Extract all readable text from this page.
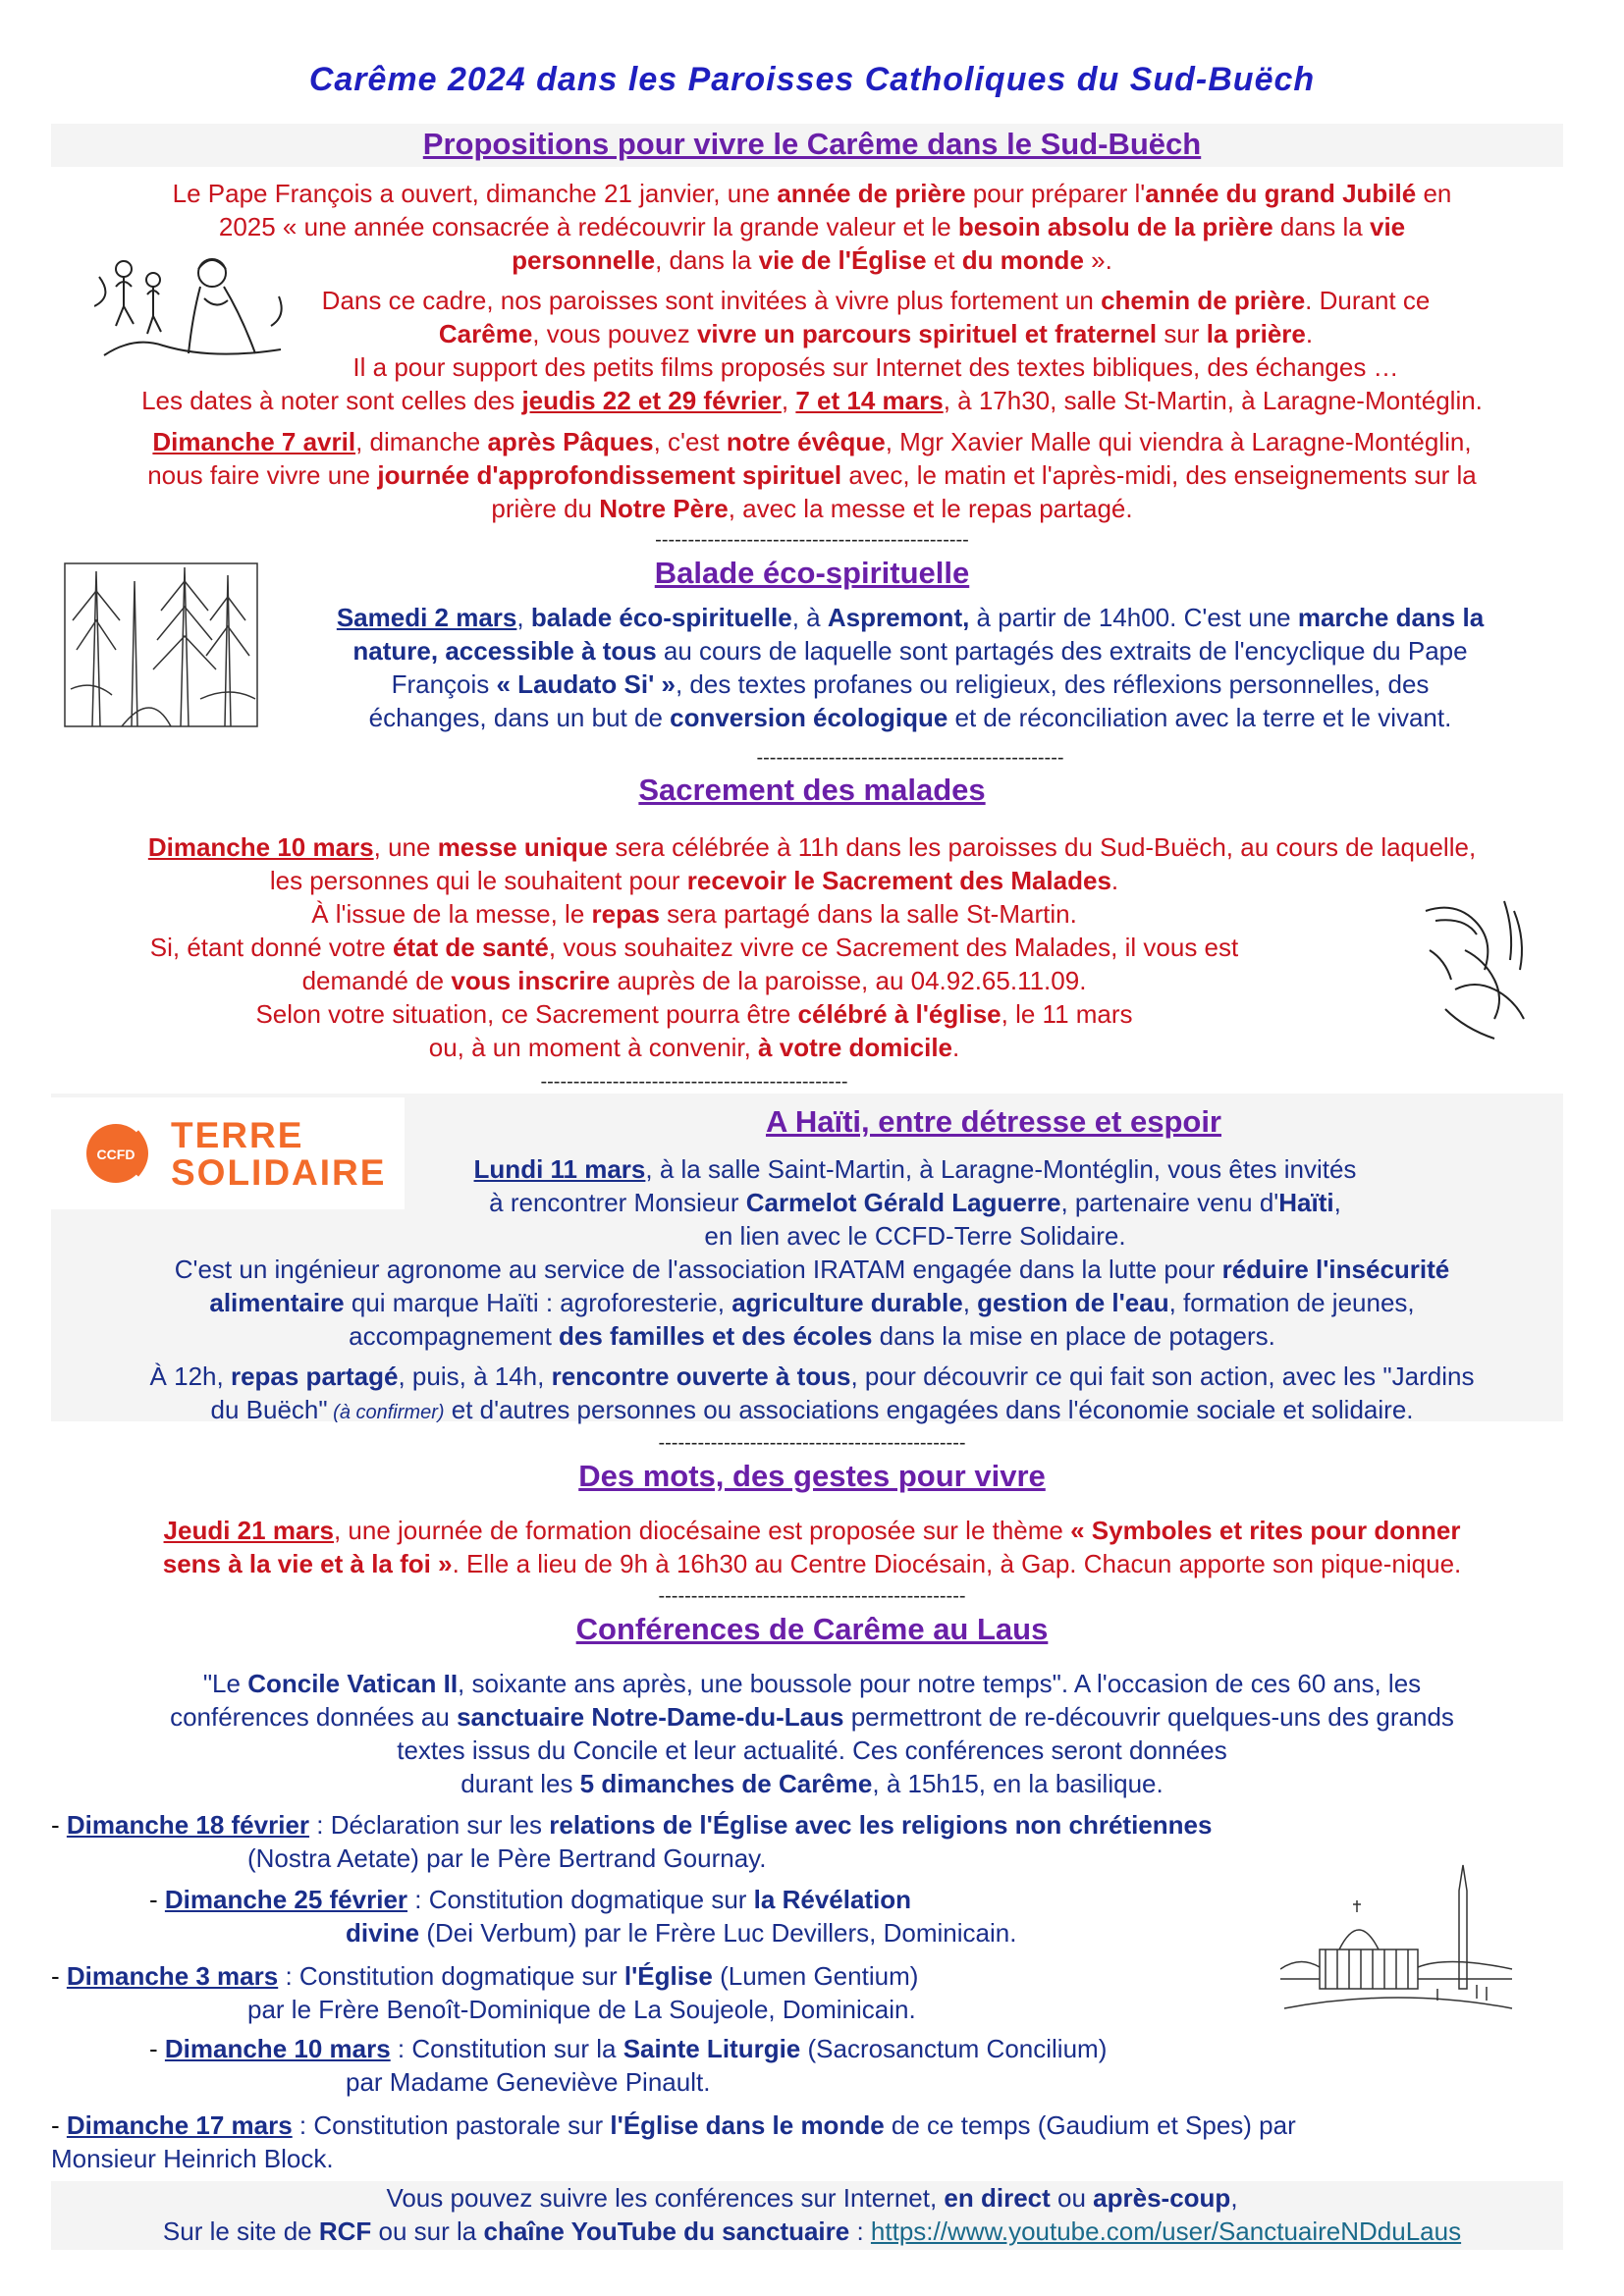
Carême 2024 dans les Paroisses Catholiques du Sud-Buëch
Propositions pour vivre le Carême dans le Sud-Buëch
Le Pape François a ouvert, dimanche 21 janvier, une année de prière pour préparer l'année du grand Jubilé en
2025 « une année consacrée à redécouvrir la grande valeur et le besoin absolu de la prière dans la vie
personnelle, dans la vie de l'Église et du monde ».
Dans ce cadre, nos paroisses sont invitées à vivre plus fortement un chemin de prière. Durant ce
Carême, vous pouvez vivre un parcours spirituel et fraternel sur la prière.
Il a pour support des petits films proposés sur Internet des textes bibliques, des échanges …
Les dates à noter sont celles des jeudis 22 et 29 février, 7 et 14 mars, à 17h30, salle St-Martin, à Laragne-Montéglin.
Dimanche 7 avril, dimanche après Pâques, c'est notre évêque, Mgr Xavier Malle qui viendra à Laragne-Montéglin,
nous faire vivre une journée d'approfondissement spirituel avec, le matin et l'après-midi, des enseignements sur la
prière du Notre Père, avec la messe et le repas partagé.
------------------------------------------------
Balade éco-spirituelle
Samedi 2 mars, balade éco-spirituelle, à Aspremont, à partir de 14h00. C'est une marche dans la
nature, accessible à tous au cours de laquelle sont partagés des extraits de l'encyclique du Pape
François « Laudato Si' », des textes profanes ou religieux, des réflexions personnelles, des
échanges, dans un but de conversion écologique et de réconciliation avec la terre et le vivant.
-----------------------------------------------
Sacrement des malades
Dimanche 10 mars, une messe unique sera célébrée à 11h dans les paroisses du Sud-Buëch, au cours de laquelle,
les personnes qui le souhaitent pour recevoir le Sacrement des Malades.
À l'issue de la messe, le repas sera partagé dans la salle St-Martin.
Si, étant donné votre état de santé, vous souhaitez vivre ce Sacrement des Malades, il vous est
demandé de vous inscrire auprès de la paroisse, au 04.92.65.11.09.
Selon votre situation, ce Sacrement pourra être célébré à l'église, le 11 mars
ou, à un moment à convenir, à votre domicile.
-----------------------------------------------
CCFD TERRE
SOLIDAIRE
A Haïti, entre détresse et espoir
Lundi 11 mars, à la salle Saint-Martin, à Laragne-Montéglin, vous êtes invités
à rencontrer Monsieur Carmelot Gérald Laguerre, partenaire venu d'Haïti,
en lien avec le CCFD-Terre Solidaire.
C'est un ingénieur agronome au service de l'association IRATAM engagée dans la lutte pour réduire l'insécurité
alimentaire qui marque Haïti : agroforesterie, agriculture durable, gestion de l'eau, formation de jeunes,
accompagnement des familles et des écoles dans la mise en place de potagers.
À 12h, repas partagé, puis, à 14h, rencontre ouverte à tous, pour découvrir ce qui fait son action, avec les "Jardins
du Buëch" (à confirmer) et d'autres personnes ou associations engagées dans l'économie sociale et solidaire.
-----------------------------------------------
Des mots, des gestes pour vivre
Jeudi 21 mars, une journée de formation diocésaine est proposée sur le thème « Symboles et rites pour donner
sens à la vie et à la foi ». Elle a lieu de 9h à 16h30 au Centre Diocésain, à Gap. Chacun apporte son pique-nique.
-----------------------------------------------
Conférences de Carême au Laus
"Le Concile Vatican II, soixante ans après, une boussole pour notre temps". A l'occasion de ces 60 ans, les
conférences données au sanctuaire Notre-Dame-du-Laus permettront de re-découvrir quelques-uns des grands
textes issus du Concile et leur actualité. Ces conférences seront données
durant les 5 dimanches de Carême, à 15h15, en la basilique.
- Dimanche 18 février : Déclaration sur les relations de l'Église avec les religions non chrétiennes
(Nostra Aetate) par le Père Bertrand Gournay.
- Dimanche 25 février : Constitution dogmatique sur la Révélation
divine (Dei Verbum) par le Frère Luc Devillers, Dominicain.
- Dimanche 3 mars : Constitution dogmatique sur l'Église (Lumen Gentium)
par le Frère Benoît-Dominique de La Soujeole, Dominicain.
- Dimanche 10 mars : Constitution sur la Sainte Liturgie (Sacrosanctum Concilium)
par Madame Geneviève Pinault.
- Dimanche 17 mars : Constitution pastorale sur l'Église dans le monde de ce temps (Gaudium et Spes) par
Monsieur Heinrich Block.
Vous pouvez suivre les conférences sur Internet, en direct ou après-coup,
Sur le site de RCF ou sur la chaîne YouTube du sanctuaire : https://www.youtube.com/user/SanctuaireNDduLaus
